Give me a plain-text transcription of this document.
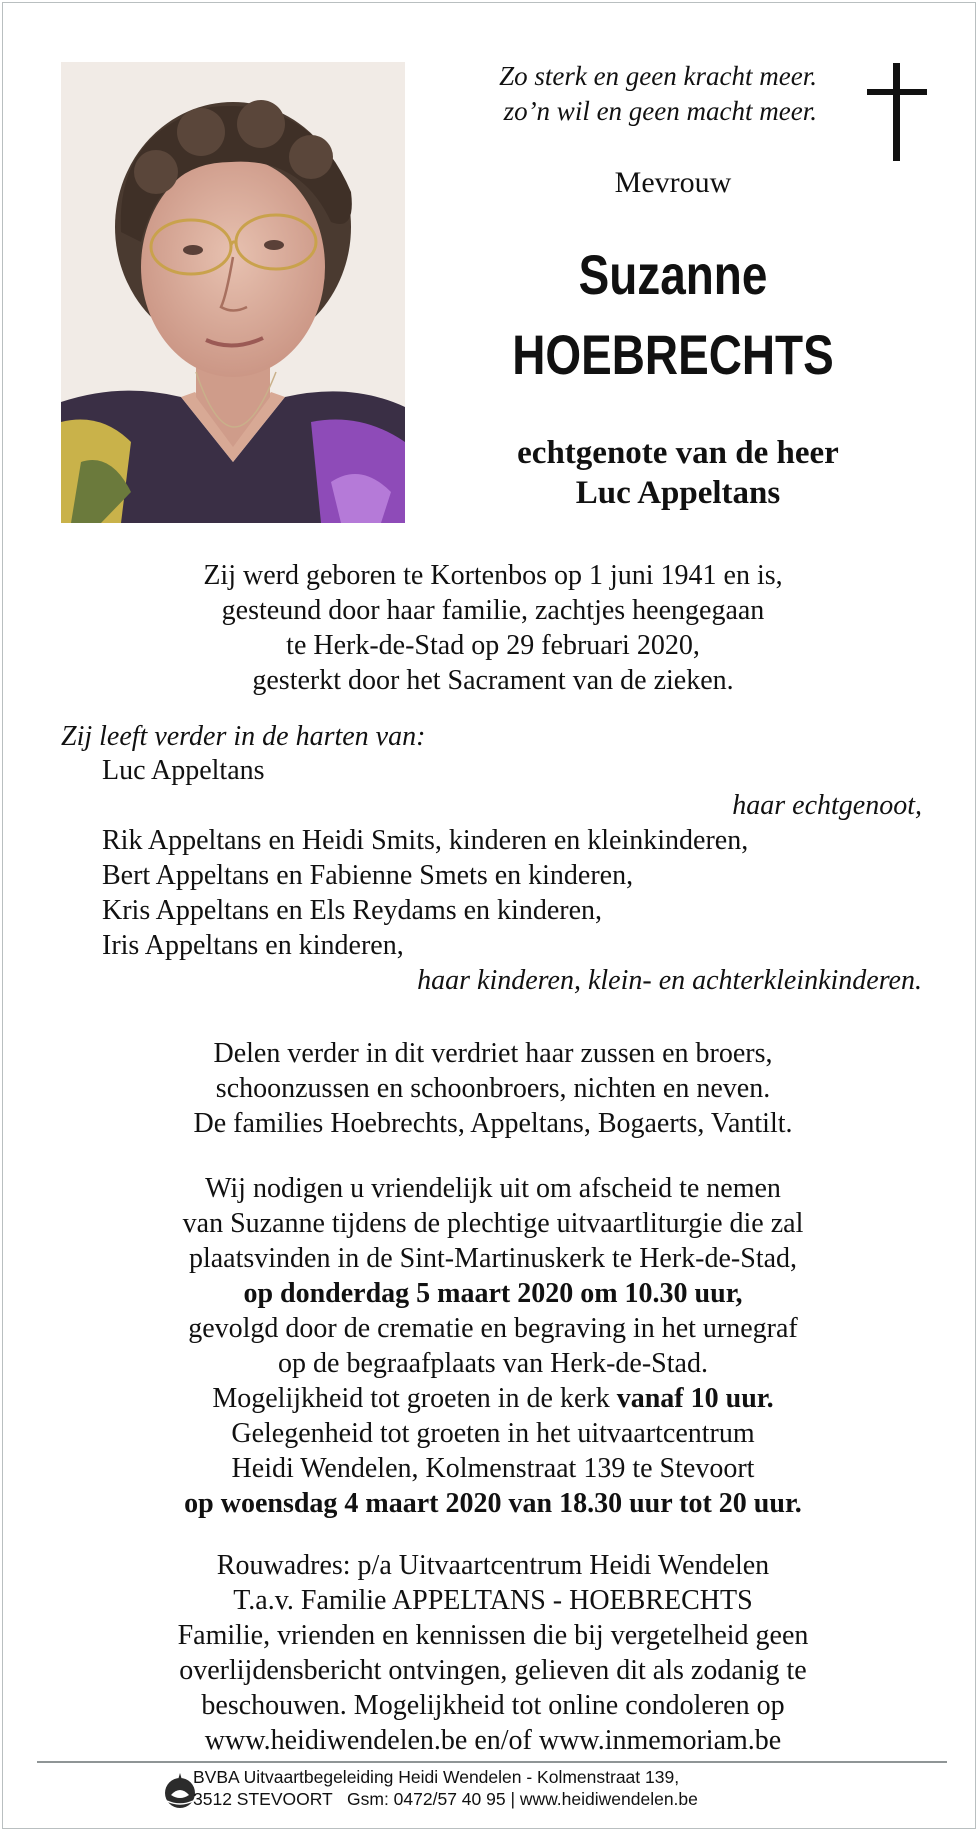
Zo sterk en geen kracht meer.
zo’n wil en geen macht meer.
Mevrouw
Suzanne
HOEBRECHTS
echtgenote van de heer
Luc Appeltans
Zij werd geboren te Kortenbos op 1 juni 1941 en is,
gesteund door haar familie, zachtjes heengegaan
te Herk-de-Stad op 29 februari 2020,
gesterkt door het Sacrament van de zieken.
Zij leeft verder in de harten van:
Luc Appeltans
haar echtgenoot,
Rik Appeltans en Heidi Smits, kinderen en kleinkinderen,
Bert Appeltans en Fabienne Smets en kinderen,
Kris Appeltans en Els Reydams en kinderen,
Iris Appeltans en kinderen,
haar kinderen, klein- en achterkleinkinderen.
Delen verder in dit verdriet haar zussen en broers,
schoonzussen en schoonbroers, nichten en neven.
De families Hoebrechts, Appeltans, Bogaerts, Vantilt.
Wij nodigen u vriendelijk uit om afscheid te nemen
van Suzanne tijdens de plechtige uitvaartliturgie die zal
plaatsvinden in de Sint-Martinuskerk te Herk-de-Stad,
op donderdag 5 maart 2020 om 10.30 uur,
gevolgd door de crematie en begraving in het urnegraf
op de begraafplaats van Herk-de-Stad.
Mogelijkheid tot groeten in de kerk vanaf 10 uur.
Gelegenheid tot groeten in het uitvaartcentrum
Heidi Wendelen, Kolmenstraat 139 te Stevoort
op woensdag 4 maart 2020 van 18.30 uur tot 20 uur.
Rouwadres: p/a Uitvaartcentrum Heidi Wendelen
T.a.v. Familie APPELTANS - HOEBRECHTS
Familie, vrienden en kennissen die bij vergetelheid geen
overlijdensbericht ontvingen, gelieven dit als zodanig te
beschouwen. Mogelijkheid tot online condoleren op
www.heidiwendelen.be en/of www.inmemoriam.be
BVBA Uitvaartbegeleiding Heidi Wendelen - Kolmenstraat 139,
3512 STEVOORT   Gsm: 0472/57 40 95 | www.heidiwendelen.be
